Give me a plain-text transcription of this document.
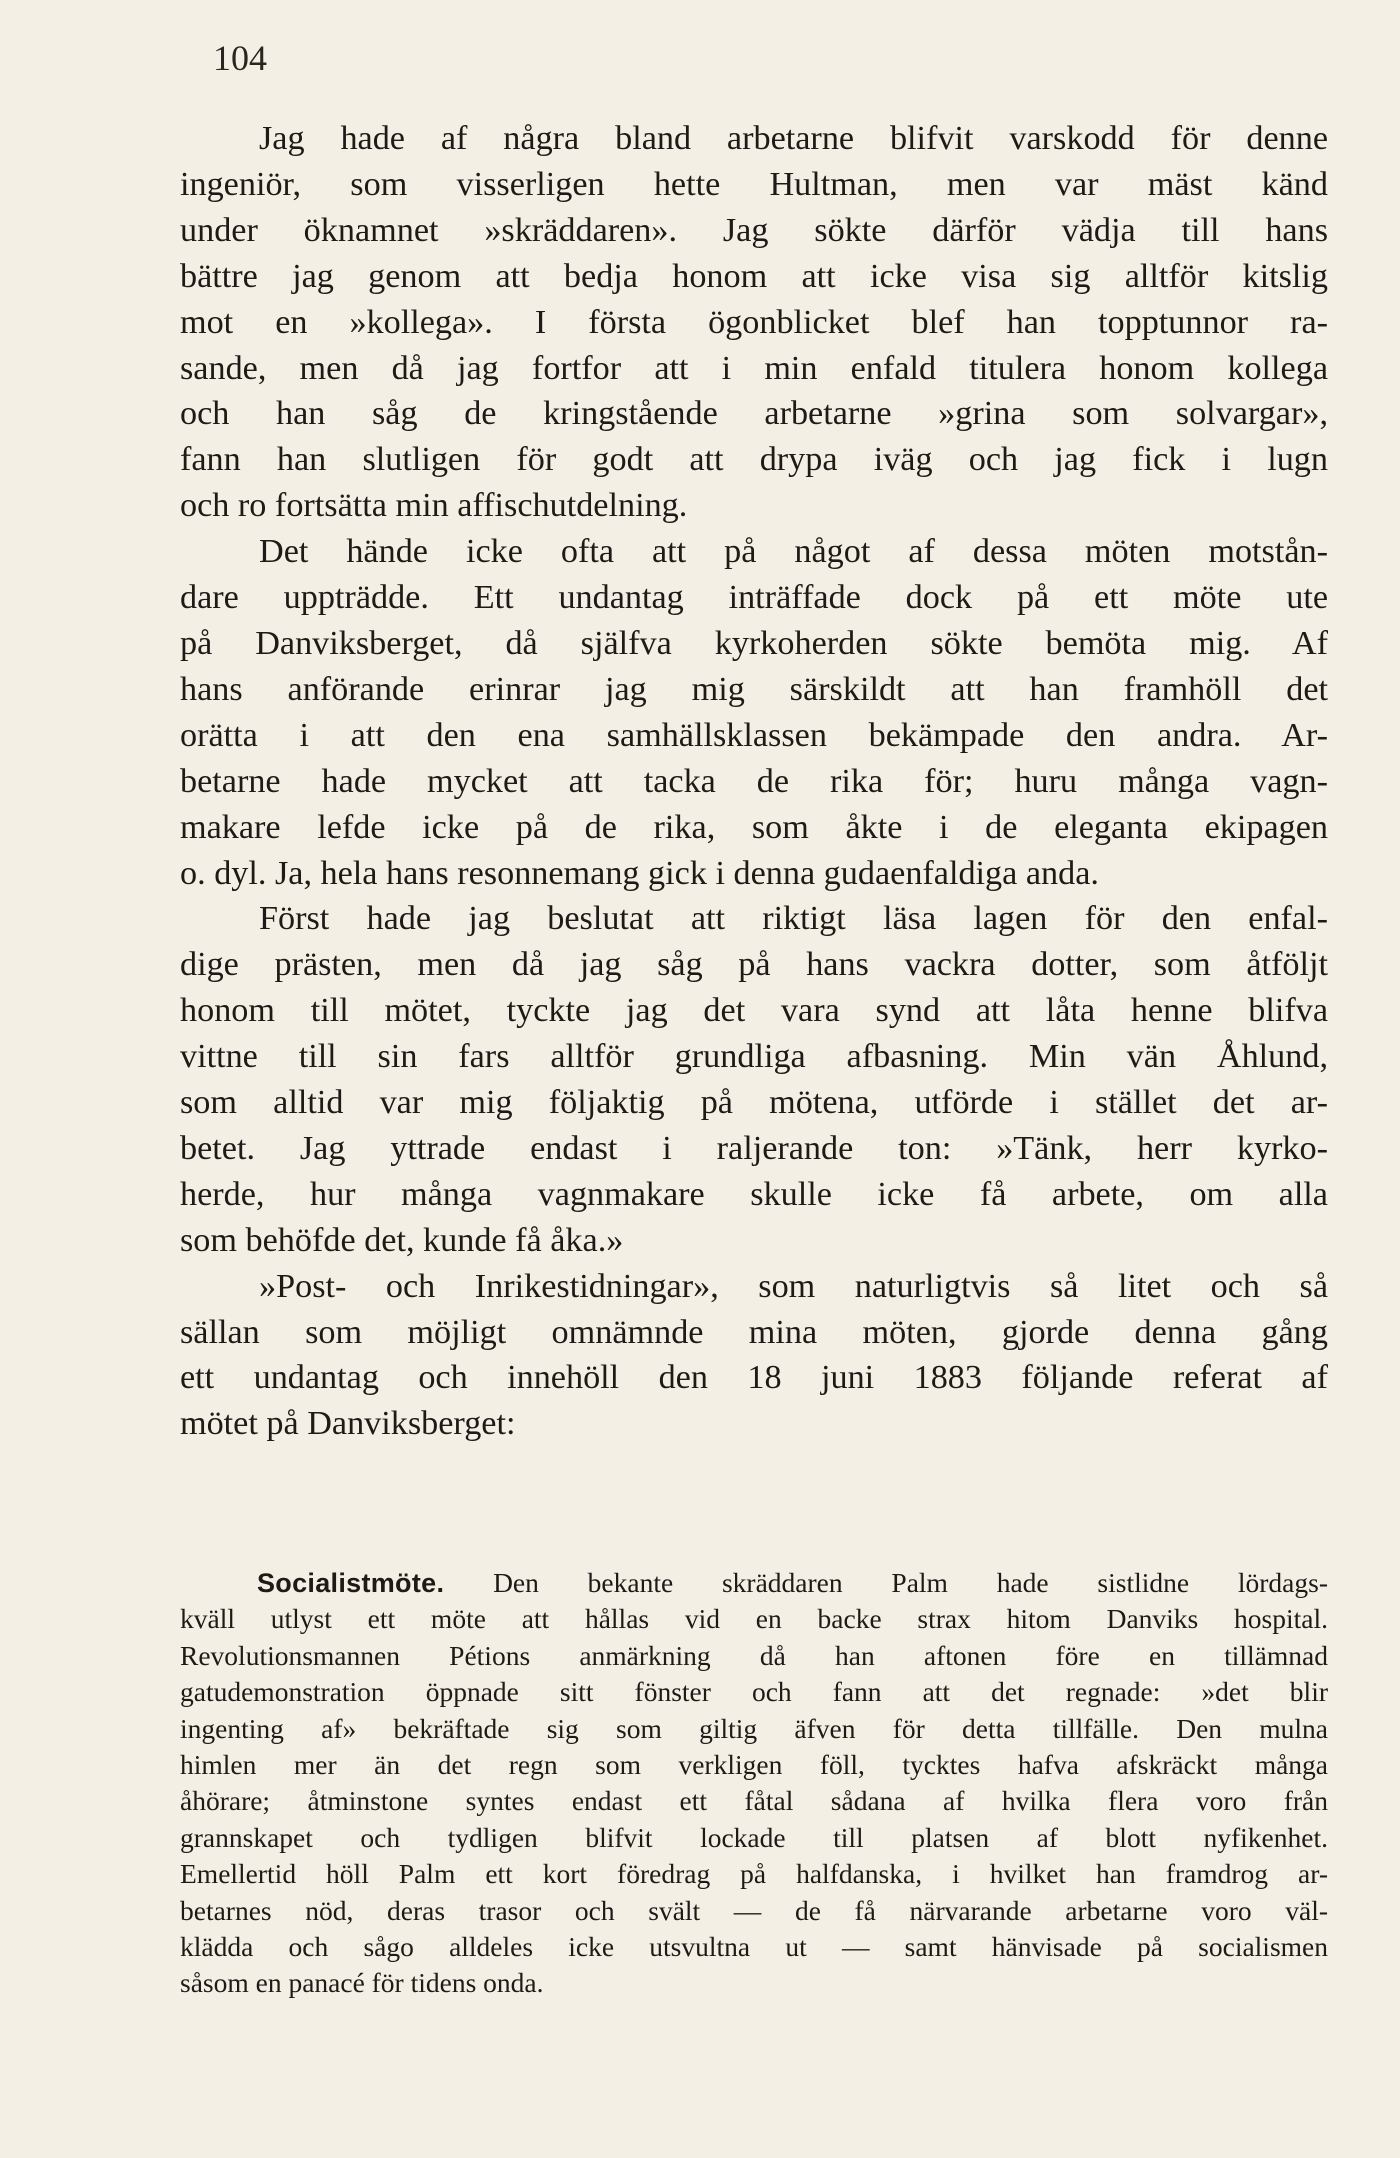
104

Jag hade af några bland arbetarne blifvit varskodd för denne
ingeniör, som visserligen hette Hultman, men var mäst känd
under öknamnet »skräddaren». Jag sökte därför vädja till hans
bättre jag genom att bedja honom att icke visa sig alltför kitslig
mot en »kollega». I första ögonblicket blef han topptunnor ra-
sande, men då jag fortfor att i min enfald titulera honom kollega
och han såg de kringstående arbetarne »grina som solvargar»,
fann han slutligen för godt att drypa iväg och jag fick i lugn
och ro fortsätta min affischutdelning.

Det hände icke ofta att på något af dessa möten motstån-
dare uppträdde. Ett undantag inträffade dock på ett möte ute
på Danviksberget, då själfva kyrkoherden sökte bemöta mig. Af
hans anförande erinrar jag mig särskildt att han framhöll det
orätta i att den ena samhällsklassen bekämpade den andra. Ar-
betarne hade mycket att tacka de rika för; huru många vagn-
makare lefde icke på de rika, som åkte i de eleganta ekipagen
o. dyl. Ja, hela hans resonnemang gick i denna gudaenfaldiga anda.

Först hade jag beslutat att riktigt läsa lagen för den enfal-
dige prästen, men då jag såg på hans vackra dotter, som åtföljt
honom till mötet, tyckte jag det vara synd att låta henne blifva
vittne till sin fars alltför grundliga afbasning. Min vän Åhlund,
som alltid var mig följaktig på mötena, utförde i stället det ar-
betet. Jag yttrade endast i raljerande ton: »Tänk, herr kyrko-
herde, hur många vagnmakare skulle icke få arbete, om alla
som behöfde det, kunde få åka.»

»Post- och Inrikestidningar», som naturligtvis så litet och så
sällan som möjligt omnämnde mina möten, gjorde denna gång
ett undantag och innehöll den 18 juni 1883 följande referat af
mötet på Danviksberget:

Socialistmöte. Den bekante skräddaren Palm hade sistlidne lördags-
kväll utlyst ett möte att hållas vid en backe strax hitom Danviks hospital.
Revolutionsmannen Pétions anmärkning då han aftonen före en tillämnad
gatudemonstration öppnade sitt fönster och fann att det regnade: »det blir
ingenting af» bekräftade sig som giltig äfven för detta tillfälle. Den mulna
himlen mer än det regn som verkligen föll, tycktes hafva afskräckt många
åhörare; åtminstone syntes endast ett fåtal sådana af hvilka flera voro från
grannskapet och tydligen blifvit lockade till platsen af blott nyfikenhet.
Emellertid höll Palm ett kort föredrag på halfdanska, i hvilket han framdrog ar-
betarnes nöd, deras trasor och svält — de få närvarande arbetarne voro väl-
klädda och sågo alldeles icke utsvultna ut — samt hänvisade på socialismen
såsom en panacé för tidens onda.
